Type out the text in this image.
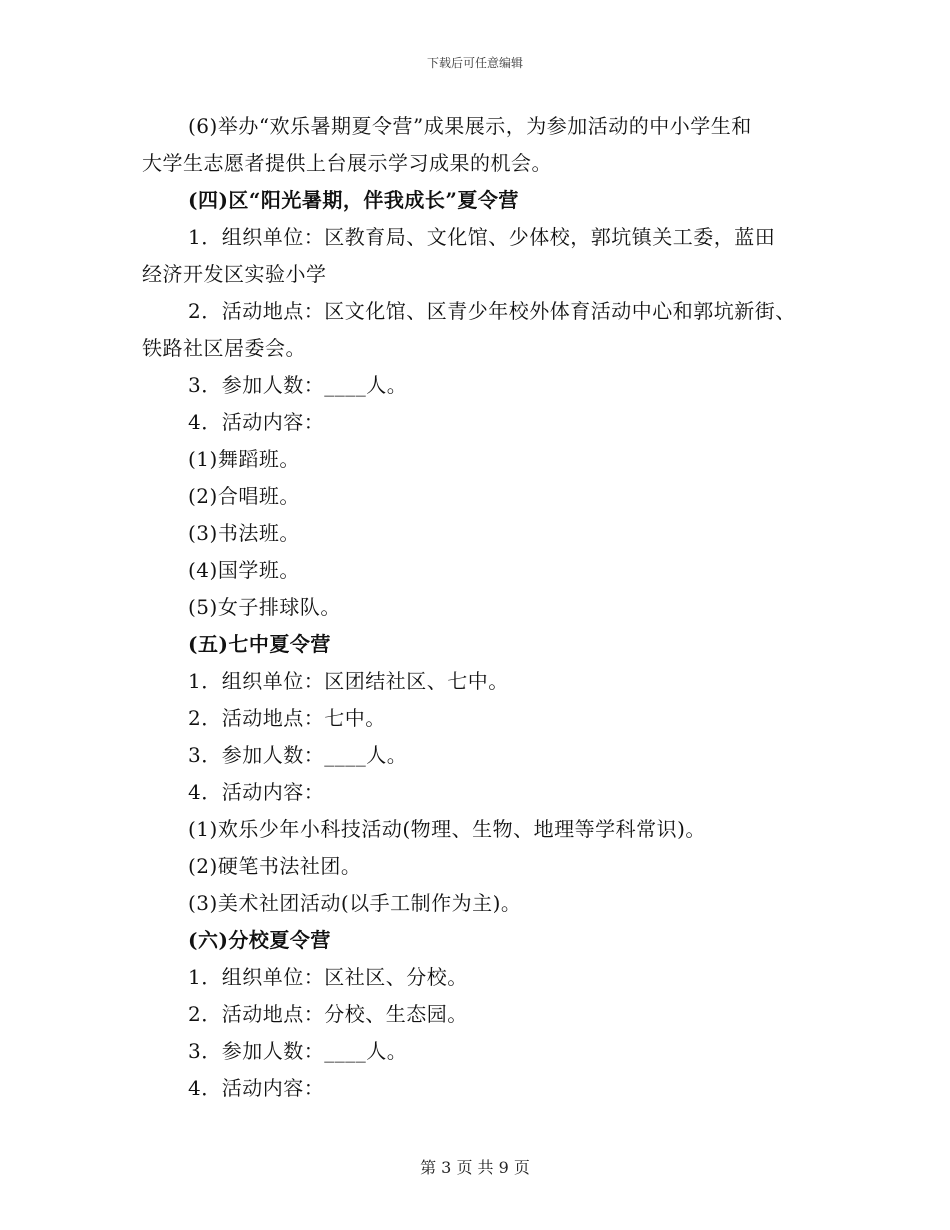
下载后可任意编辑
(6)举办“欢乐暑期夏令营”成果展示，为参加活动的中小学生和
大学生志愿者提供上台展示学习成果的机会。
(四)区“阳光暑期，伴我成长”夏令营
1．组织单位：区教育局、文化馆、少体校，郭坑镇关工委，蓝田
经济开发区实验小学
2．活动地点：区文化馆、区青少年校外体育活动中心和郭坑新街、
铁路社区居委会。
3．参加人数：____人。
4．活动内容：
(1)舞蹈班。
(2)合唱班。
(3)书法班。
(4)国学班。
(5)女子排球队。
(五)七中夏令营
1．组织单位：区团结社区、七中。
2．活动地点：七中。
3．参加人数：____人。
4．活动内容：
(1)欢乐少年小科技活动(物理、生物、地理等学科常识)。
(2)硬笔书法社团。
(3)美术社团活动(以手工制作为主)。
(六)分校夏令营
1．组织单位：区社区、分校。
2．活动地点：分校、生态园。
3．参加人数：____人。
4．活动内容：
第 3 页 共 9 页
